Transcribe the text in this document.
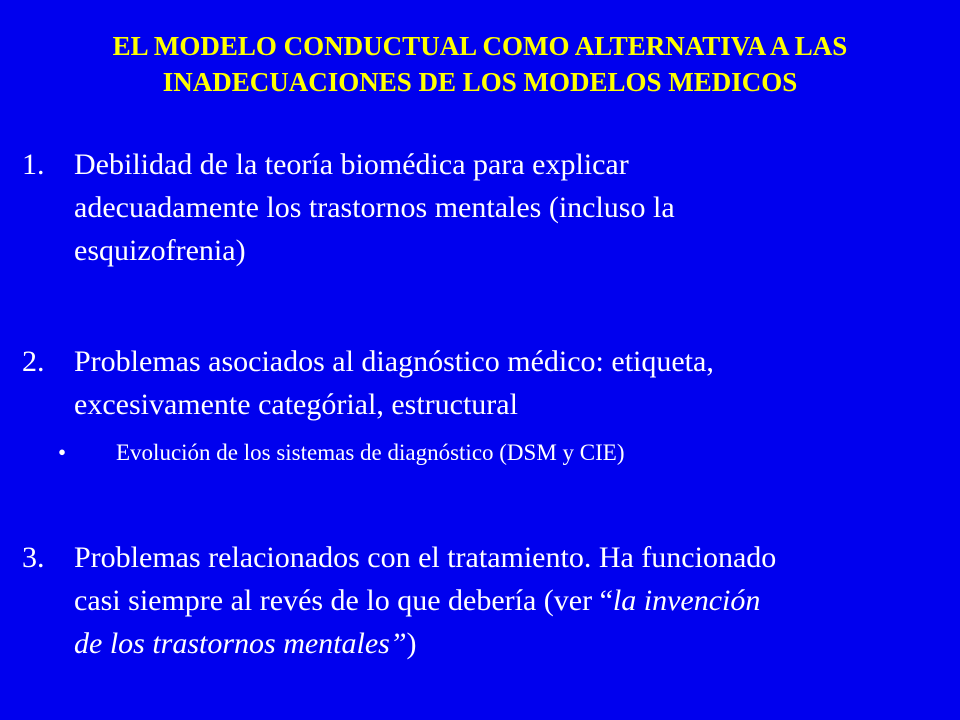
EL MODELO CONDUCTUAL COMO ALTERNATIVA A LAS
INADECUACIONES DE LOS MODELOS MEDICOS
1. Debilidad de la teoría biomédica para explicar
adecuadamente los trastornos mentales (incluso la
esquizofrenia)
2. Problemas asociados al diagnóstico médico: etiqueta,
excesivamente categórial, estructural
• Evolución de los sistemas de diagnóstico (DSM y CIE)
3. Problemas relacionados con el tratamiento. Ha funcionado
casi siempre al revés de lo que debería (ver “la invención
de los trastornos mentales”)
